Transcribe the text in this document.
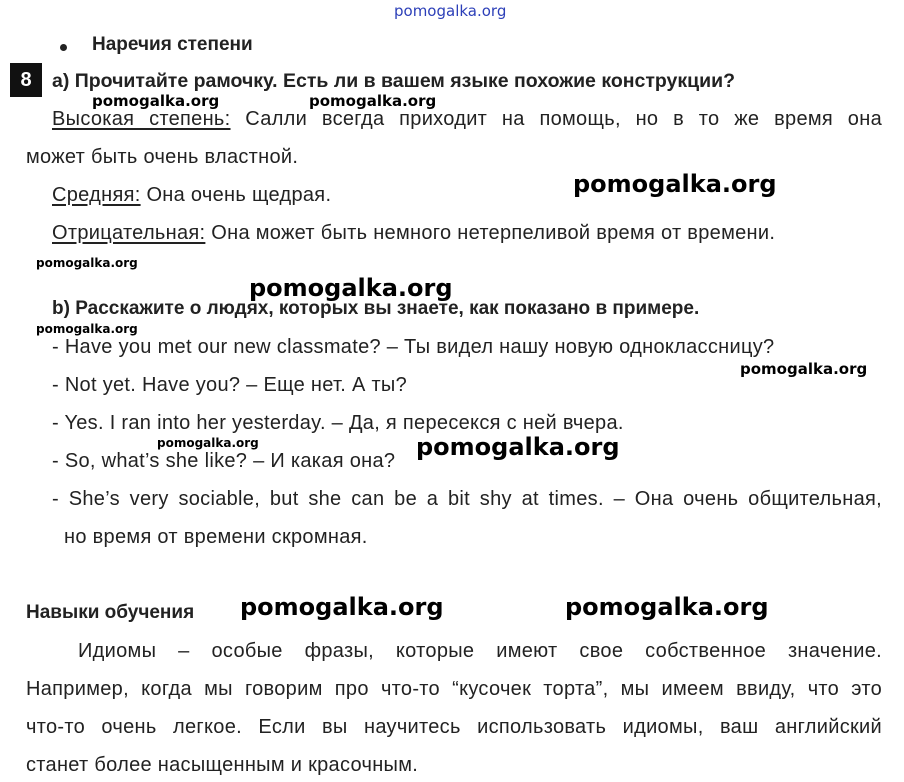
pomogalka.org
pomogalka.org	pomogalka.org
pomogalka.org
pomogalka.org
pomogalka.org
pomogalka.org
pomogalka.org
pomogalka.org	pomogalka.org
pomogalka.org	pomogalka.org
Наречия степени
8	a) Прочитайте рамочку. Есть ли в вашем языке похожие конструкции?
Высокая степень: Салли всегда приходит на помощь, но в то же время она
может быть очень властной.
Средняя: Она очень щедрая.
Отрицательная: Она может быть немного нетерпеливой время от времени.
b) Расскажите о людях, которых вы знаете, как показано в примере.
- Have you met our new classmate? – Ты видел нашу новую одноклассницу?
- Not yet. Have you? – Еще нет. А ты?
- Yes. I ran into her yesterday. – Да, я пересекся с ней вчера.
- So, what’s she like? – И какая она?
- She’s very sociable, but she can be a bit shy at times. – Она очень общительная,
но время от времени скромная.
Навыки обучения
Идиомы – особые фразы, которые имеют свое собственное значение.
Например, когда мы говорим про что-то “кусочек торта”, мы имеем ввиду, что это
что-то очень легкое. Если вы научитесь использовать идиомы, ваш английский
станет более насыщенным и красочным.
